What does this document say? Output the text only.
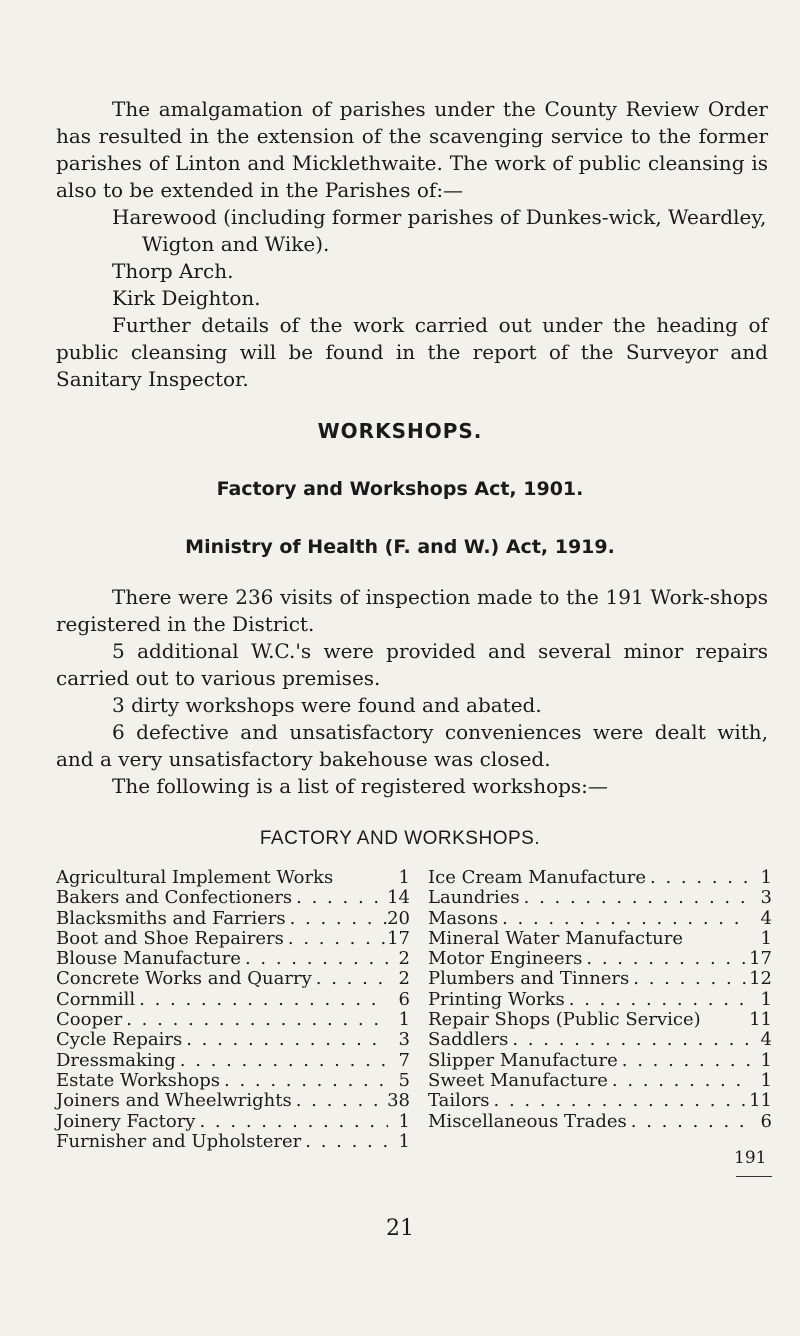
The amalgamation of parishes under the County Review Order has resulted in the extension of the scavenging service to the former parishes of Linton and Micklethwaite. The work of public cleansing is also to be extended in the Parishes of:—

Harewood (including former parishes of Dunkes-wick, Weardley, Wigton and Wike).
Thorp Arch.
Kirk Deighton.

Further details of the work carried out under the heading of public cleansing will be found in the report of the Surveyor and Sanitary Inspector.

WORKSHOPS.
Factory and Workshops Act, 1901.
Ministry of Health (F. and W.) Act, 1919.

There were 236 visits of inspection made to the 191 Work-shops registered in the District.

5 additional W.C.'s were provided and several minor repairs carried out to various premises.

3 dirty workshops were found and abated.

6 defective and unsatisfactory conveniences were dealt with, and a very unsatisfactory bakehouse was closed.

The following is a list of registered workshops:—

FACTORY AND WORKSHOPS.
Agricultural Implement Works	1
Bakers and Confectioners . . .	14
Blacksmiths and Farriers . . .	20
Boot and Shoe Repairers . . .	17
Blouse Manufacture . . .	2
Concrete Works and Quarry . . .	2
Cornmill . . .	6
Cooper . . .	1
Cycle Repairs . . .	3
Dressmaking . . .	7
Estate Workshops . . .	5
Joiners and Wheelwrights . . .	38
Joinery Factory . . .	1
Furnisher and Upholsterer . . .	1
Ice Cream Manufacture . . .	1
Laundries . . .	3
Masons . . .	4
Mineral Water Manufacture	1
Motor Engineers . . .	17
Plumbers and Tinners . . .	12
Printing Works . . .	1
Repair Shops (Public Service)	11
Saddlers . . .	4
Slipper Manufacture . . .	1
Sweet Manufacture . . .	1
Tailors . . .	11
Miscellaneous Trades . . .	6
191
21
